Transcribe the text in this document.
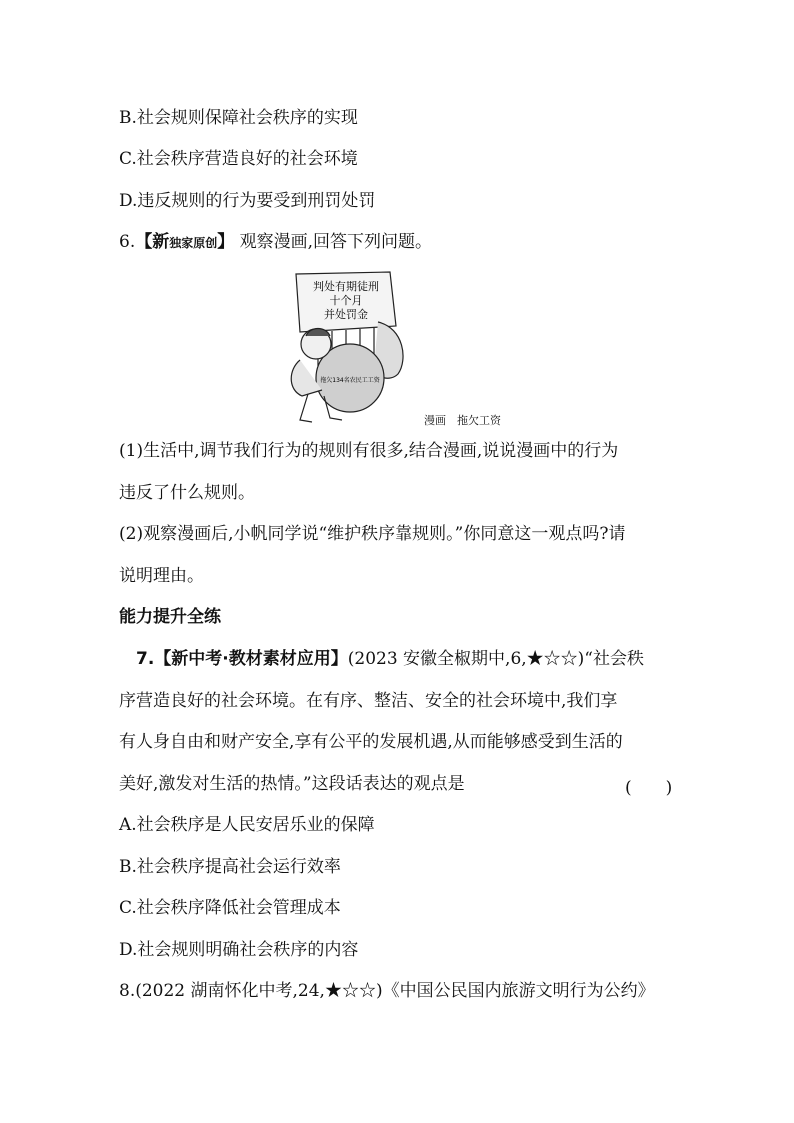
B.社会规则保障社会秩序的实现
C.社会秩序营造良好的社会环境
D.违反规则的行为要受到刑罚处罚
6.【新独家原创】 观察漫画,回答下列问题。
判处有期徒刑
十个月
并处罚金
拖欠134名农民工工资
漫画　拖欠工资
(1)生活中,调节我们行为的规则有很多,结合漫画,说说漫画中的行为
违反了什么规则。
(2)观察漫画后,小帆同学说“维护秩序靠规则。”你同意这一观点吗?请
说明理由。
能力提升全练
7.【新中考·教材素材应用】(2023 安徽全椒期中,6,★☆☆)“社会秩
序营造良好的社会环境。在有序、整洁、安全的社会环境中,我们享
有人身自由和财产安全,享有公平的发展机遇,从而能够感受到生活的
美好,激发对生活的热情。”这段话表达的观点是	(　　)
A.社会秩序是人民安居乐业的保障
B.社会秩序提高社会运行效率
C.社会秩序降低社会管理成本
D.社会规则明确社会秩序的内容
8.(2022 湖南怀化中考,24,★☆☆)《中国公民国内旅游文明行为公约》
